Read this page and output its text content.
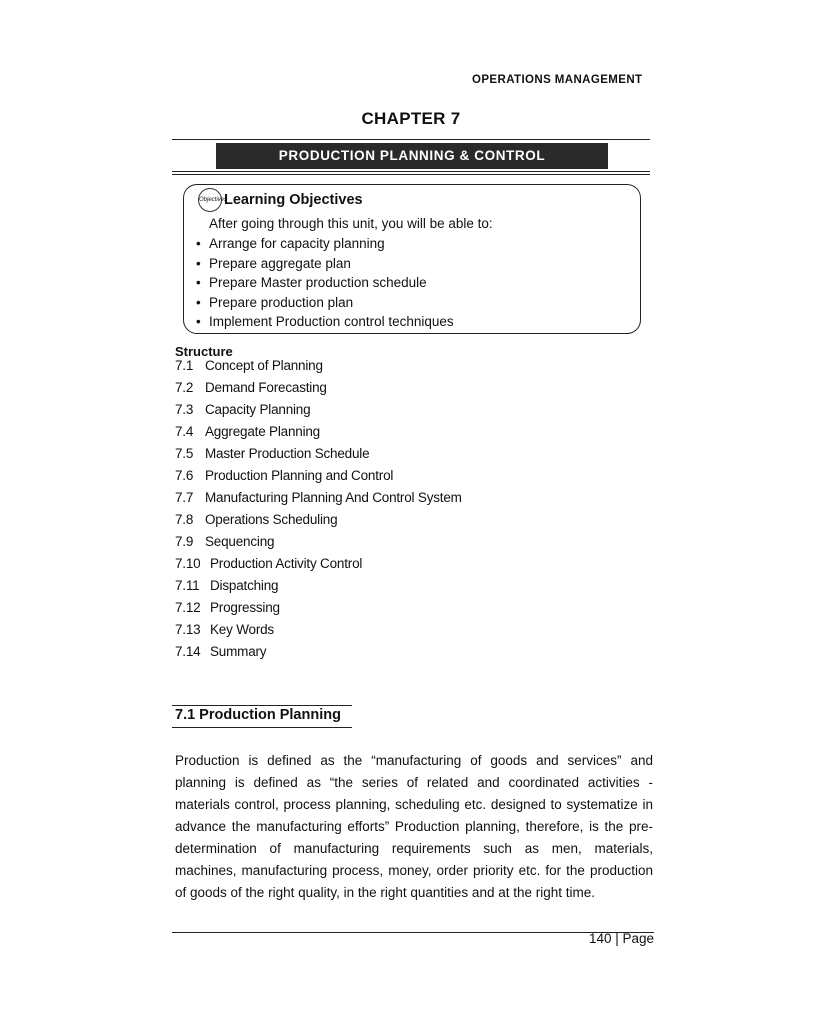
OPERATIONS MANAGEMENT
CHAPTER 7
PRODUCTION PLANNING & CONTROL
Objectives
Learning Objectives
After going through this unit, you will be able to:
• Arrange for capacity planning
• Prepare aggregate plan
• Prepare Master production schedule
• Prepare production plan
• Implement Production control techniques
Structure
7.1 Concept of Planning
7.2 Demand Forecasting
7.3 Capacity Planning
7.4 Aggregate Planning
7.5 Master Production Schedule
7.6 Production Planning and Control
7.7 Manufacturing Planning And Control System
7.8 Operations Scheduling
7.9 Sequencing
7.10 Production Activity Control
7.11 Dispatching
7.12 Progressing
7.13 Key Words
7.14 Summary
7.1 Production Planning
Production is defined as the “manufacturing of goods and services” and planning is defined as “the series of related and coordinated activities - materials control, process planning, scheduling etc. designed to systematize in advance the manufacturing efforts” Production planning, therefore, is the pre-determination of manufacturing requirements such as men, materials, machines, manufacturing process, money, order priority etc. for the production of goods of the right quality, in the right quantities and at the right time.
140 | Page
